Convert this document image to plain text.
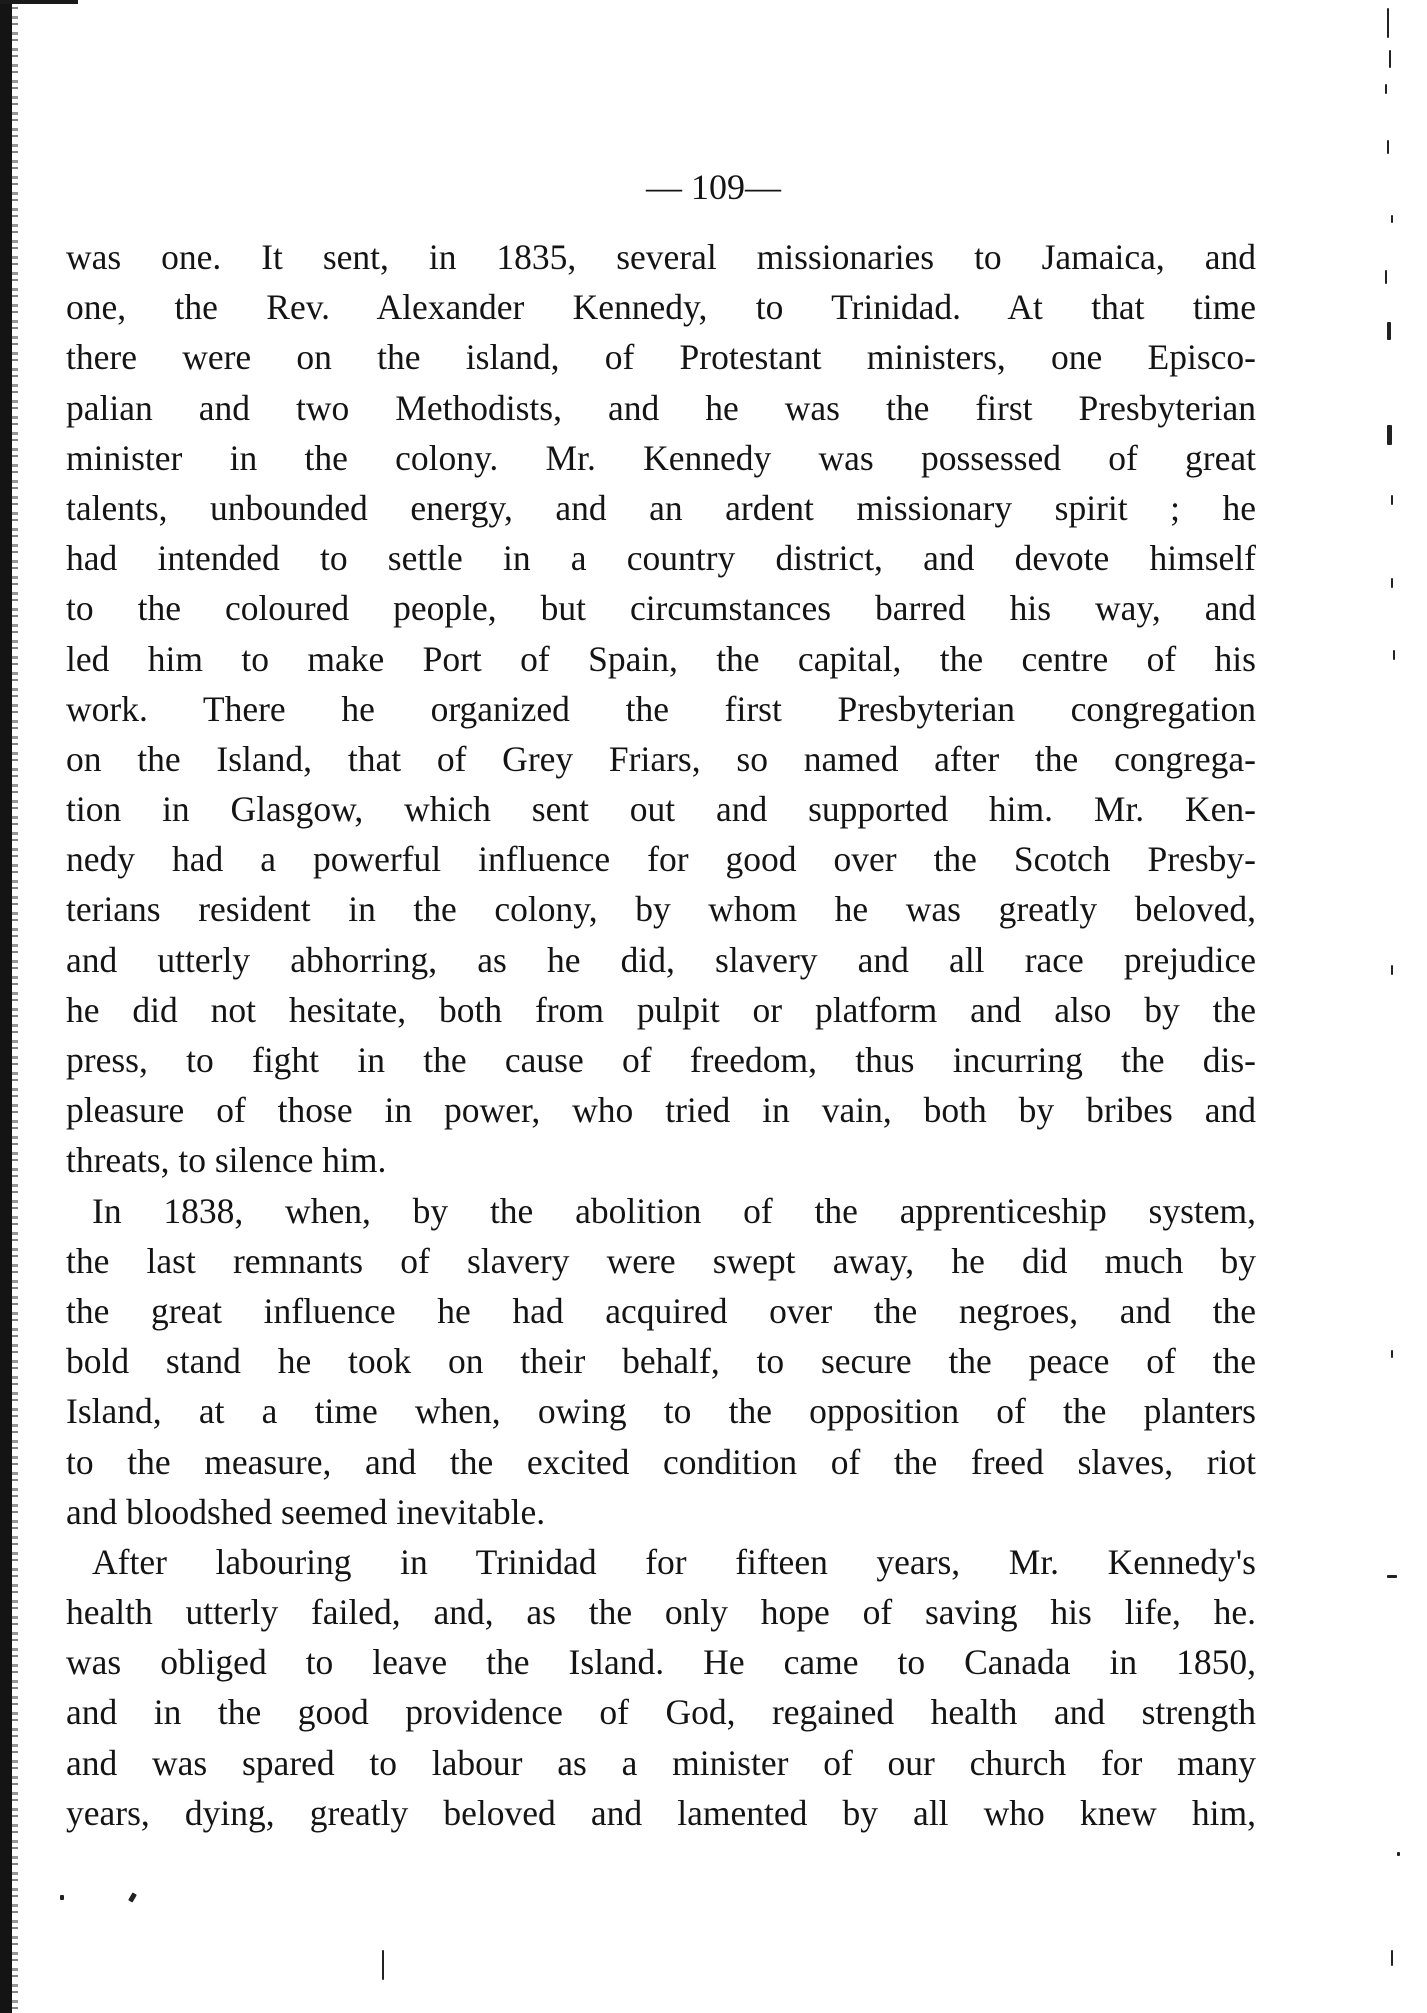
— 109—
was one. It sent, in 1835, several missionaries to Jamaica, and
one, the Rev. Alexander Kennedy, to Trinidad. At that time
there were on the island, of Protestant ministers, one Episco-
palian and two Methodists, and he was the first Presbyterian
minister in the colony. Mr. Kennedy was possessed of great
talents, unbounded energy, and an ardent missionary spirit ; he
had intended to settle in a country district, and devote himself
to the coloured people, but circumstances barred his way, and
led him to make Port of Spain, the capital, the centre of his
work. There he organized the first Presbyterian congregation
on the Island, that of Grey Friars, so named after the congrega-
tion in Glasgow, which sent out and supported him. Mr. Ken-
nedy had a powerful influence for good over the Scotch Presby-
terians resident in the colony, by whom he was greatly beloved,
and utterly abhorring, as he did, slavery and all race prejudice
he did not hesitate, both from pulpit or platform and also by the
press, to fight in the cause of freedom, thus incurring the dis-
pleasure of those in power, who tried in vain, both by bribes and
threats, to silence him.
In 1838, when, by the abolition of the apprenticeship system,
the last remnants of slavery were swept away, he did much by
the great influence he had acquired over the negroes, and the
bold stand he took on their behalf, to secure the peace of the
Island, at a time when, owing to the opposition of the planters
to the measure, and the excited condition of the freed slaves, riot
and bloodshed seemed inevitable.
After labouring in Trinidad for fifteen years, Mr. Kennedy's
health utterly failed, and, as the only hope of saving his life, he.
was obliged to leave the Island. He came to Canada in 1850,
and in the good providence of God, regained health and strength
and was spared to labour as a minister of our church for many
years, dying, greatly beloved and lamented by all who knew him,
